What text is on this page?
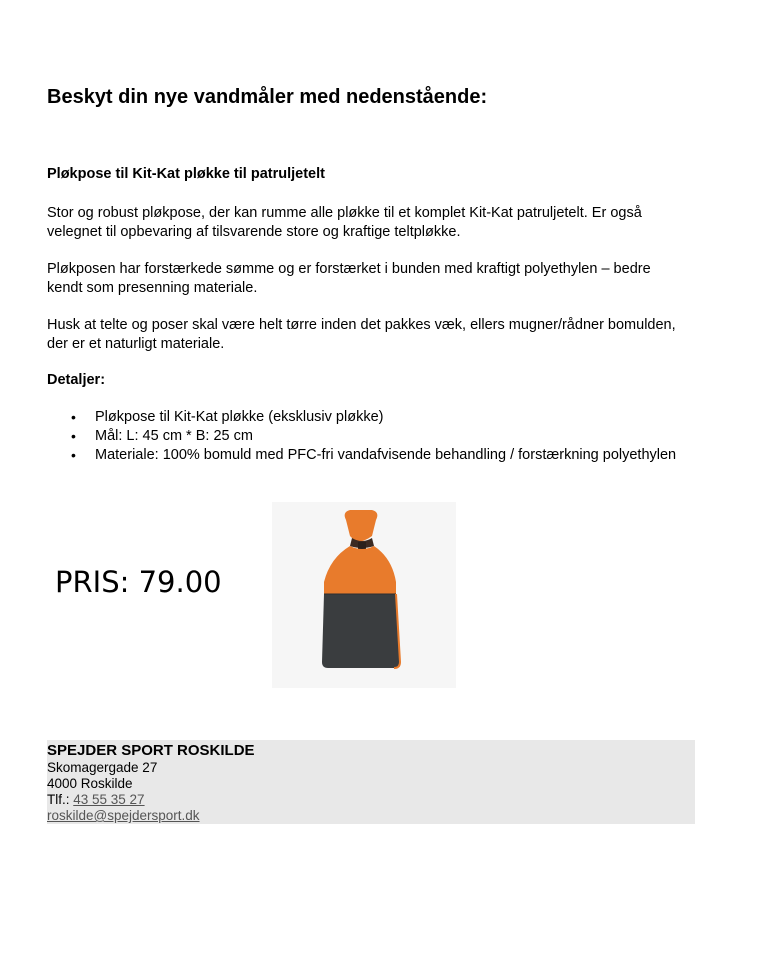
Beskyt din nye vandmåler med nedenstående:
Pløkpose til Kit-Kat pløkke til patruljetelt

Stor og robust pløkpose, der kan rumme alle pløkke til et komplet Kit-Kat patruljetelt. Er også velegnet til opbevaring af tilsvarende store og kraftige teltpløkke.

Pløkposen har forstærkede sømme og er forstærket i bunden med kraftigt polyethylen – bedre kendt som presenning materiale.

Husk at telte og poser skal være helt tørre inden det pakkes væk, ellers mugner/rådner bomulden, der er et naturligt materiale.

Detaljer:

• Pløkpose til Kit-Kat pløkke (eksklusiv pløkke)
• Mål: L: 45 cm * B: 25 cm
• Materiale: 100% bomuld med PFC-fri vandafvisende behandling / forstærkning polyethylen

PRIS: 79.00

SPEJDER SPORT ROSKILDE

Skomagergade 27

4000 Roskilde

Tlf.: 43 55 35 27

roskilde@spejdersport.dk
